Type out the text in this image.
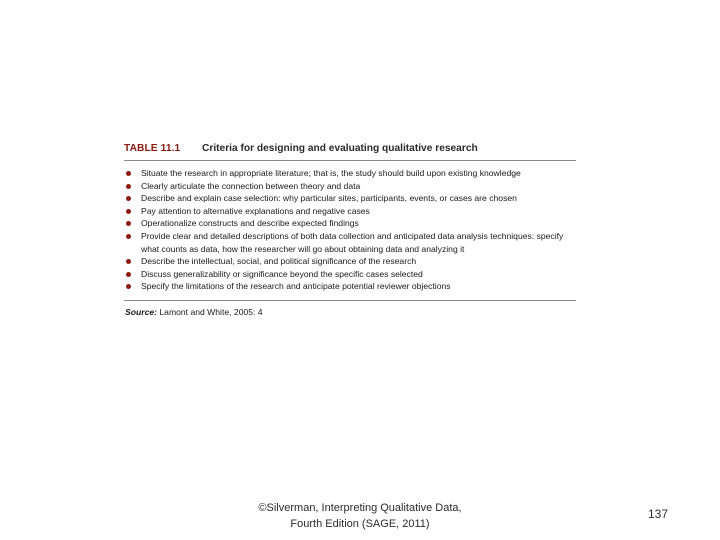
TABLE 11.1	Criteria for designing and evaluating qualitative research
Situate the research in appropriate literature; that is, the study should build upon existing knowledge
Clearly articulate the connection between theory and data
Describe and explain case selection: why particular sites, participants, events, or cases are chosen
Pay attention to alternative explanations and negative cases
Operationalize constructs and describe expected findings
Provide clear and detailed descriptions of both data collection and anticipated data analysis techniques: specify what counts as data, how the researcher will go about obtaining data and analyzing it
Describe the intellectual, social, and political significance of the research
Discuss generalizability or significance beyond the specific cases selected
Specify the limitations of the research and anticipate potential reviewer objections
Source: Lamont and White, 2005: 4
©Silverman, Interpreting Qualitative Data,
Fourth Edition (SAGE, 2011)
137
